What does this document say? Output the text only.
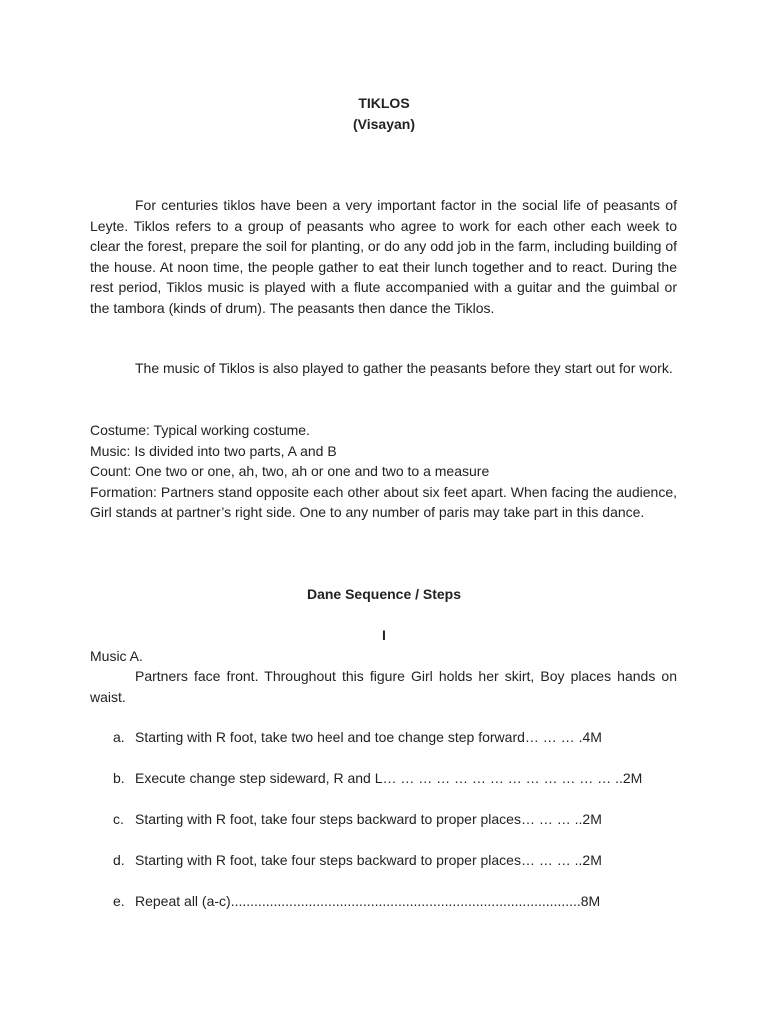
TIKLOS
(Visayan)

For centuries tiklos have been a very important factor in the social life of peasants of Leyte. Tiklos refers to a group of peasants who agree to work for each other each week to clear the forest, prepare the soil for planting, or do any odd job in the farm, including building of the house. At noon time, the people gather to eat their lunch together and to react. During the rest period, Tiklos music is played with a flute accompanied with a guitar and the guimbal or the tambora (kinds of drum). The peasants then dance the Tiklos.

The music of Tiklos is also played to gather the peasants before they start out for work.

Costume: Typical working costume.
Music: Is divided into two parts, A and B
Count: One two or one, ah, two, ah or one and two to a measure
Formation: Partners stand opposite each other about six feet apart. When facing the audience, Girl stands at partner’s right side. One to any number of paris may take part in this dance.
Dane Sequence / Steps
I
Music A.

Partners face front. Throughout this figure Girl holds her skirt, Boy places hands on waist.

a. Starting with R foot, take two heel and toe change step forward… … … .4M
b. Execute change step sideward, R and L… … … … … … … … … … … … … ..2M
c. Starting with R foot, take four steps backward to proper places… … … ..2M
d. Starting with R foot, take four steps backward to proper places… … … ..2M
e. Repeat all (a-c)..........................................................................................8M
